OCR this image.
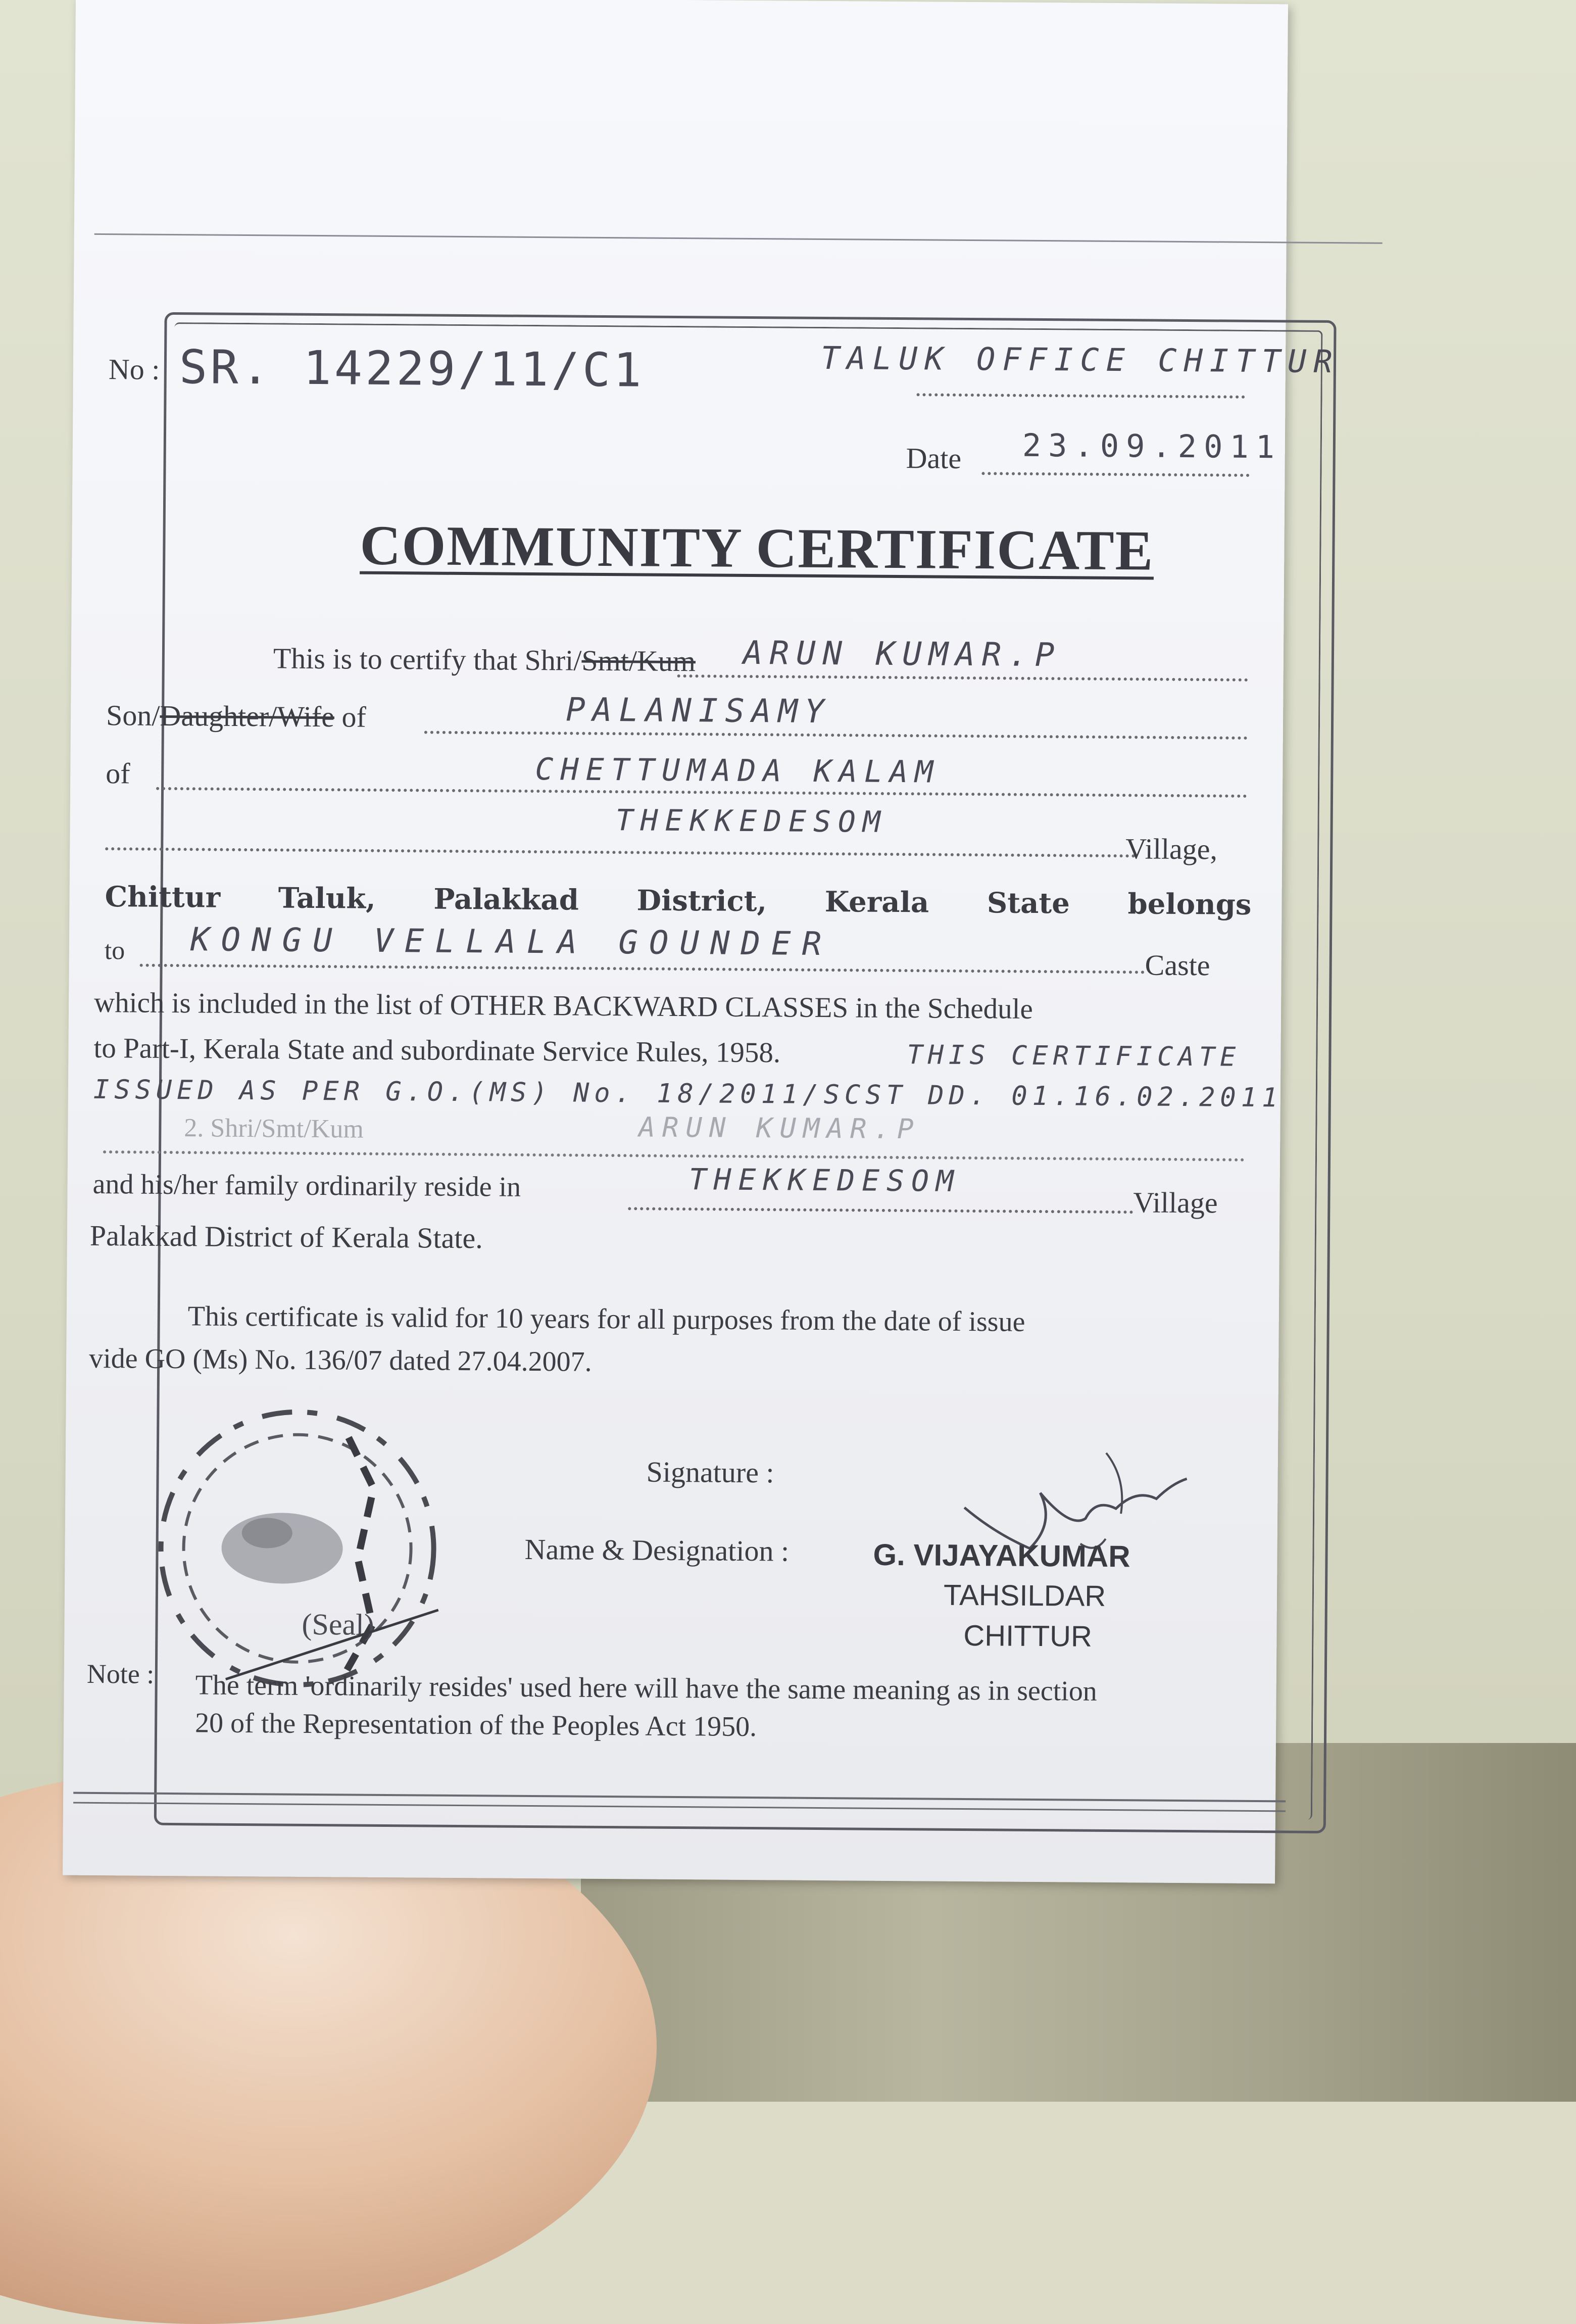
No : SR. 14229/11/C1	TALUK OFFICE CHITTUR
Date 23.09.2011
COMMUNITY CERTIFICATE
This is to certify that Shri/Smt/Kum ARUN KUMAR.P
Son/Daughter/Wife of	PALANISAMY
of	CHETTUMADA KALAM
THEKKEDESOM
Village,
Chittur Taluk, Palakkad District, Kerala State belongs
to KONGU VELLALA GOUNDER
Caste
which is included in the list of OTHER BACKWARD CLASSES in the Schedule
to Part-I, Kerala State and subordinate Service Rules, 1958.	THIS CERTIFICATE
ISSUED AS PER G.O.(MS) No. 18/2011/SCST DD. 01.16.02.2011
2. Shri/Smt/Kum	ARUN KUMAR.P
and his/her family ordinarily reside in	THEKKEDESOM
Village
Palakkad District of Kerala State.
This certificate is valid for 10 years for all purposes from the date of issue
vide GO (Ms) No. 136/07 dated 27.04.2007.
(Seal)
Signature :
Name & Designation :	G. VIJAYAKUMAR
TAHSILDAR
CHITTUR
Note : The term 'ordinarily resides' used here will have the same meaning as in section
20 of the Representation of the Peoples Act 1950.
